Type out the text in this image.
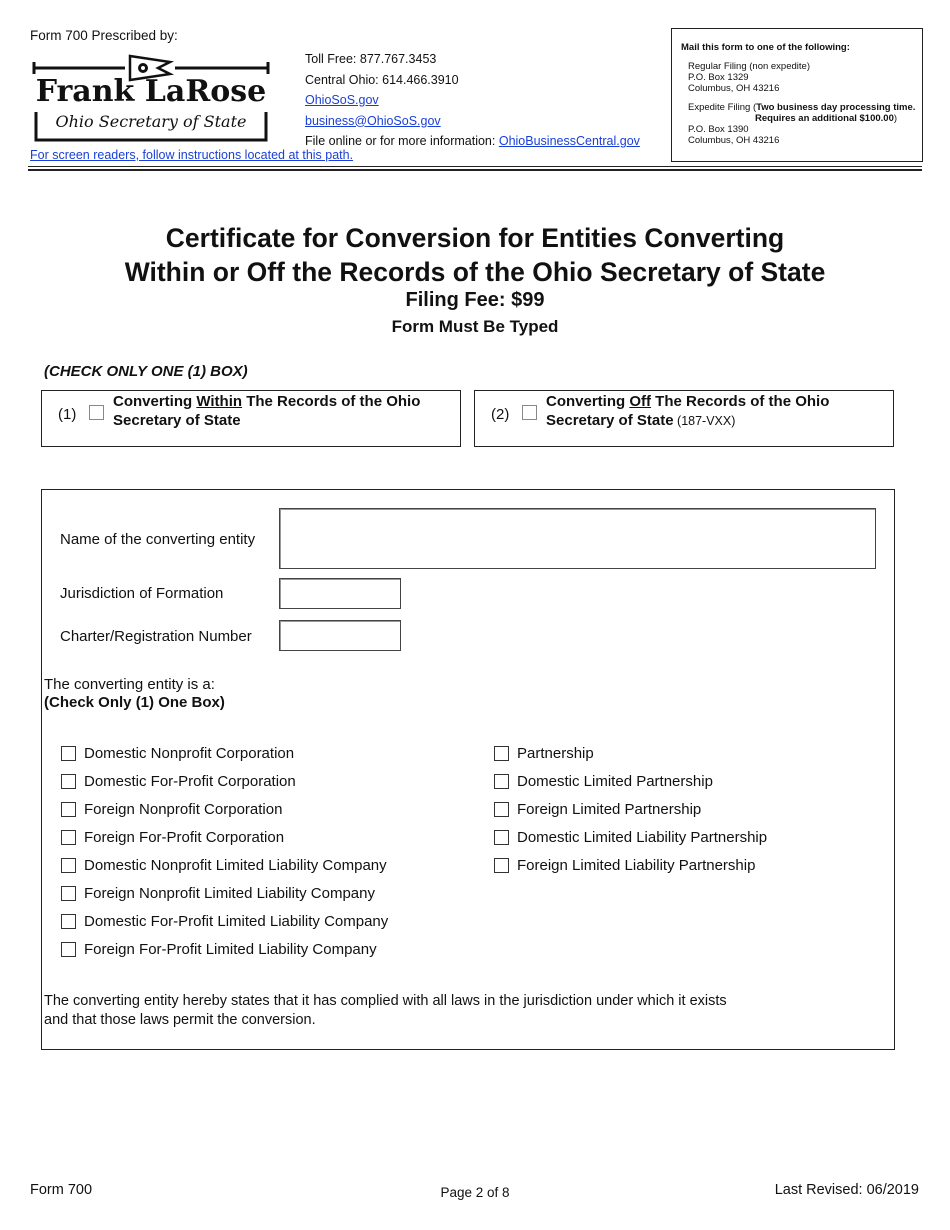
Form 700 Prescribed by:
Frank LaRose
Ohio Secretary of State
For screen readers, follow instructions located at this path.
Toll Free: 877.767.3453
Central Ohio: 614.466.3910
OhioSoS.gov
business@OhioSoS.gov
File online or for more information: OhioBusinessCentral.gov
Mail this form to one of the following:
Regular Filing (non expedite)
P.O. Box 1329
Columbus, OH 43216
Expedite Filing (Two business day processing time.
Requires an additional $100.00)
P.O. Box 1390
Columbus, OH 43216
Certificate for Conversion for Entities Converting
Within or Off the Records of the Ohio Secretary of State
Filing Fee: $99
Form Must Be Typed
(CHECK ONLY ONE (1) BOX)
(1)
Converting Within The Records of the Ohio
Secretary of State	(2)
Converting Off The Records of the Ohio
Secretary of State (187-VXX)
Name of the converting entity
Jurisdiction of Formation
Charter/Registration Number
The converting entity is a:
(Check Only (1) One Box)
Domestic Nonprofit Corporation
Domestic For-Profit Corporation
Foreign Nonprofit Corporation
Foreign For-Profit Corporation
Domestic Nonprofit Limited Liability Company
Foreign Nonprofit Limited Liability Company
Domestic For-Profit Limited Liability Company
Foreign For-Profit Limited Liability Company
Partnership
Domestic Limited Partnership
Foreign Limited Partnership
Domestic Limited Liability Partnership
Foreign Limited Liability Partnership
The converting entity hereby states that it has complied with all laws in the jurisdiction under which it exists
and that those laws permit the conversion.
Form 700	Page 2 of 8	Last Revised: 06/2019
